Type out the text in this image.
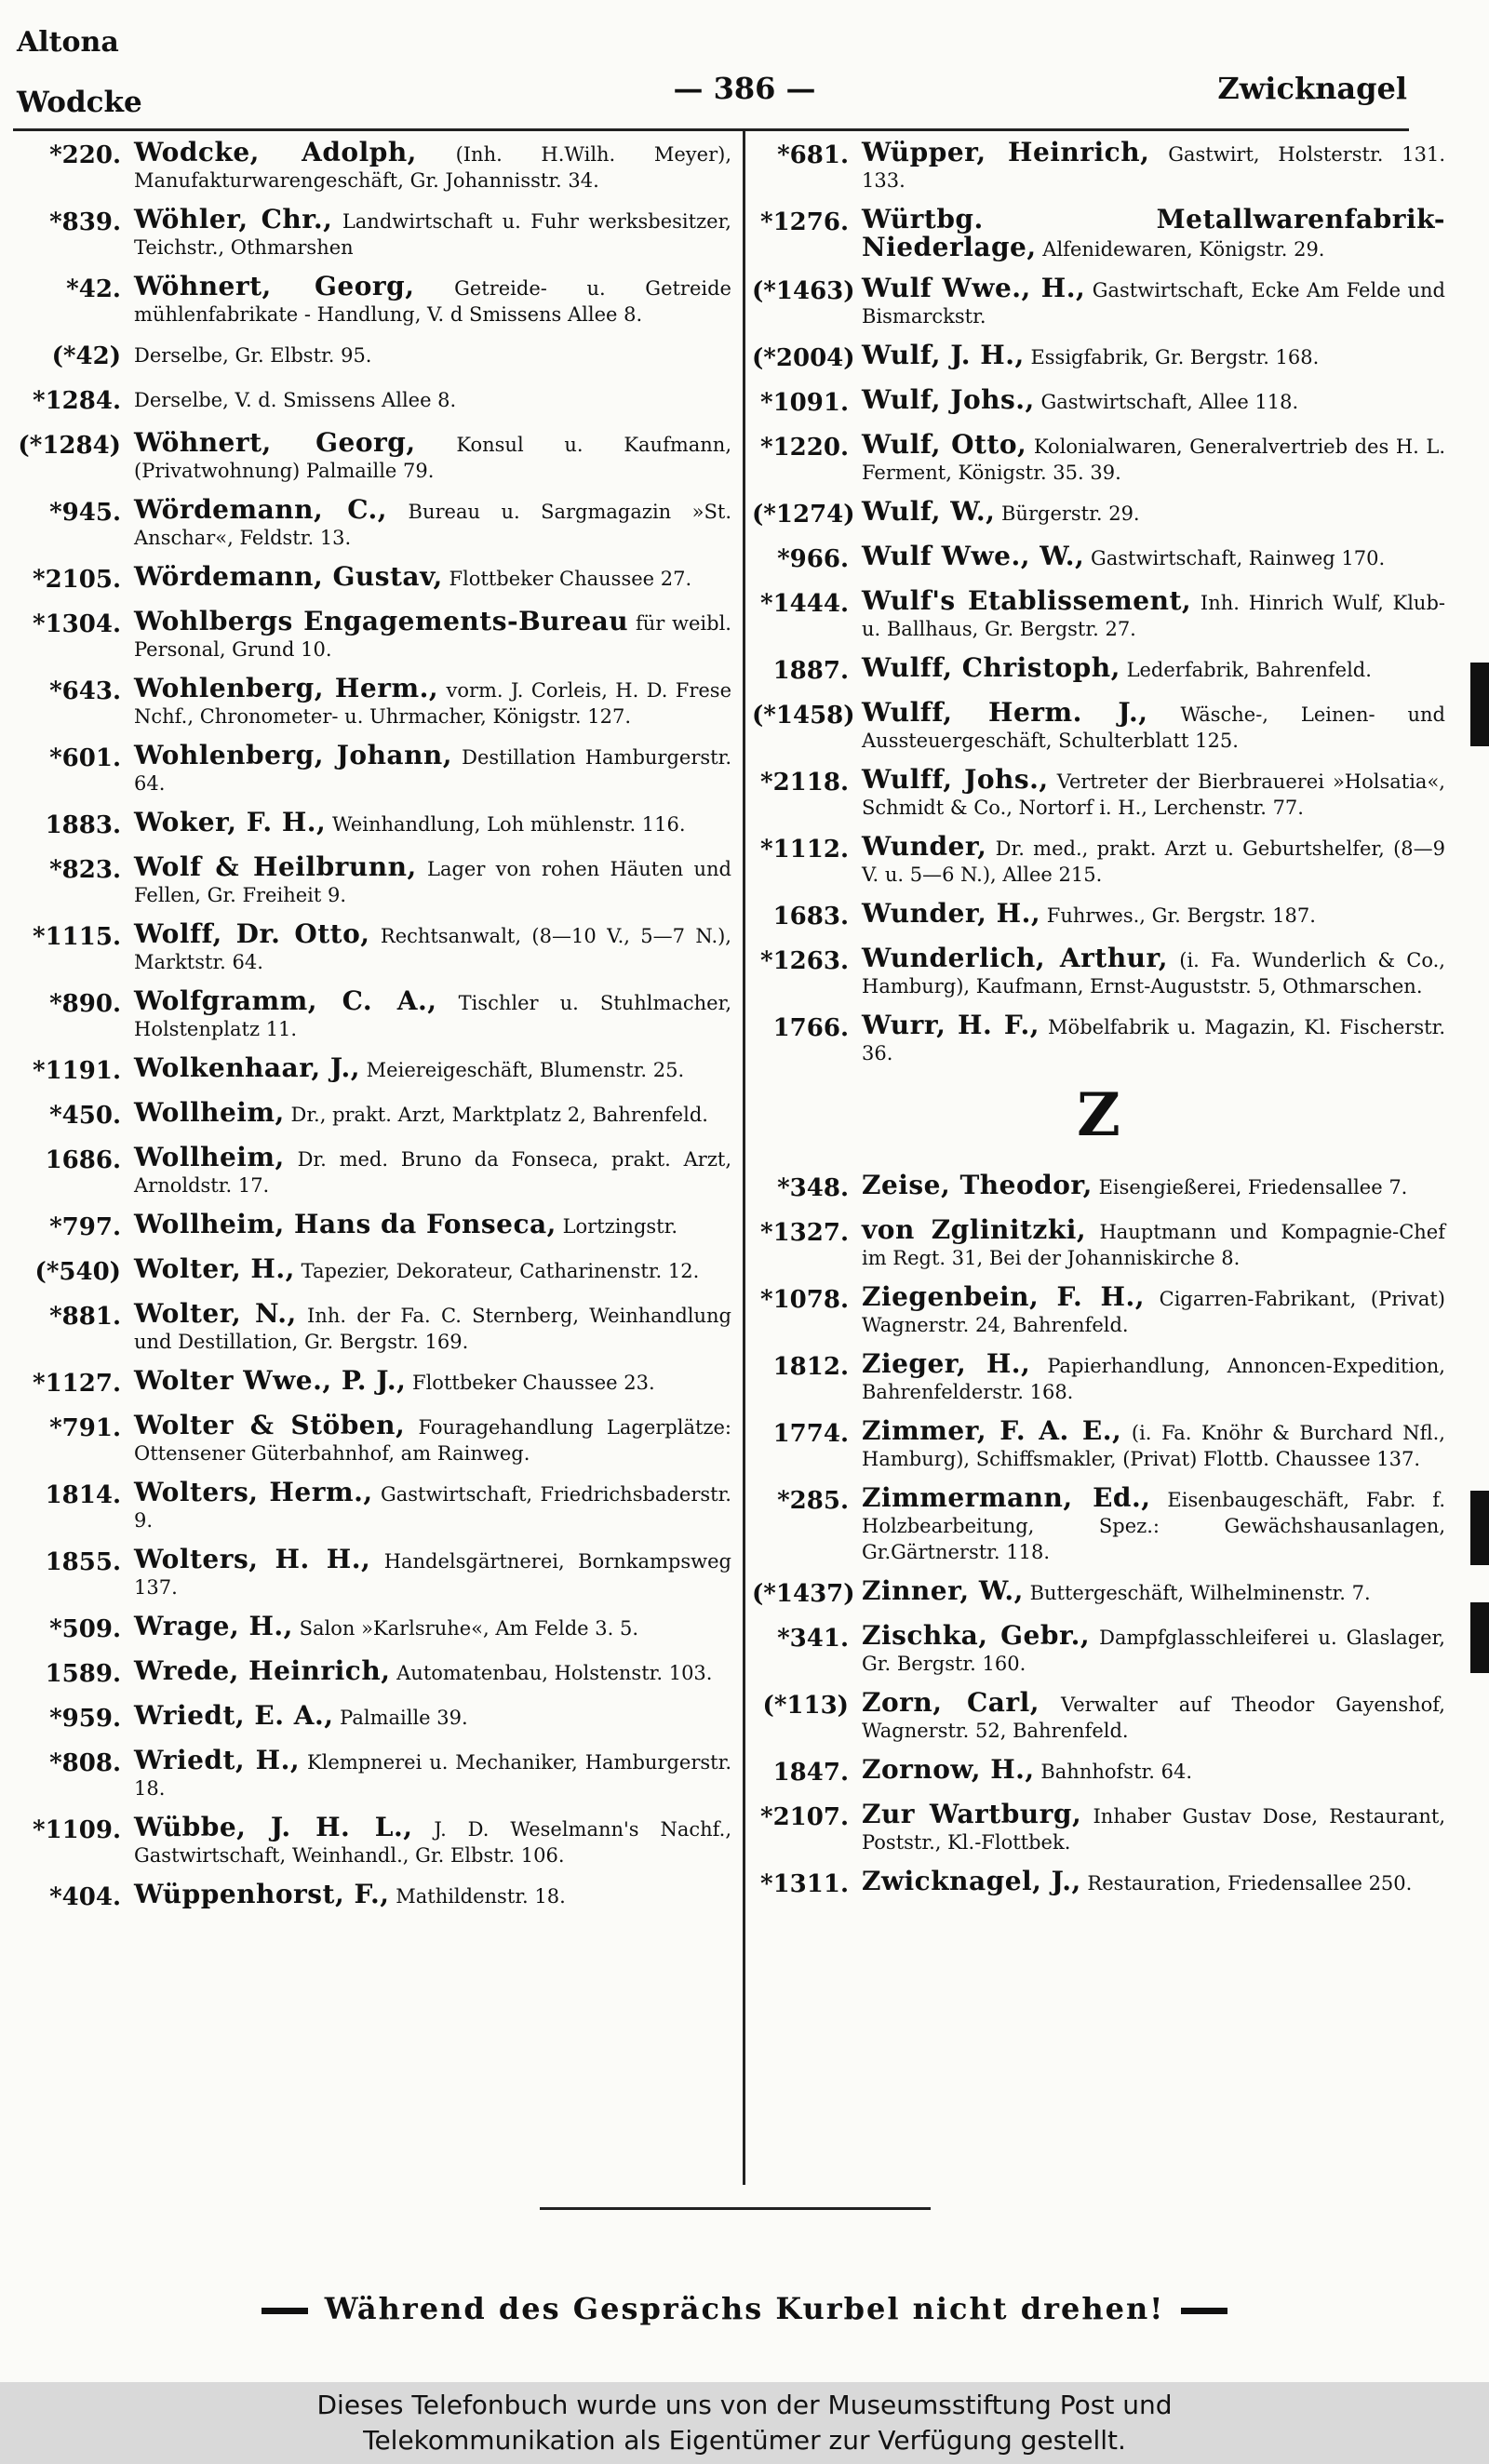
Altona
Wodcke	— 386 —	Zwicknagel
*220. Wodcke, Adolph, (Inh. H.Wilh. Meyer), Manufakturwarengeschäft, Gr. Johannisstr. 34.
*839. Wöhler, Chr., Landwirtschaft u. Fuhr werksbesitzer, Teichstr., Othmarshen
*42. Wöhnert, Georg, Getreide- u. Getreide mühlenfabrikate - Handlung, V. d Smissens Allee 8.
(*42) Derselbe, Gr. Elbstr. 95.
*1284. Derselbe, V. d. Smissens Allee 8.
(*1284) Wöhnert, Georg, Konsul u. Kaufmann, (Privatwohnung) Palmaille 79.
*945. Wördemann, C., Bureau u. Sargmagazin »St. Anschar«, Feldstr. 13.
*2105. Wördemann, Gustav, Flottbeker Chaussee 27.
*1304. Wohlbergs Engagements-Bureau für weibl. Personal, Grund 10.
*643. Wohlenberg, Herm., vorm. J. Corleis, H. D. Frese Nchf., Chronometer- u. Uhrmacher, Königstr. 127.
*601. Wohlenberg, Johann, Destillation Hamburgerstr. 64.
1883. Woker, F. H., Weinhandlung, Loh mühlenstr. 116.
*823. Wolf & Heilbrunn, Lager von rohen Häuten und Fellen, Gr. Freiheit 9.
*1115. Wolff, Dr. Otto, Rechtsanwalt, (8—10 V., 5—7 N.), Marktstr. 64.
*890. Wolfgramm, C. A., Tischler u. Stuhlmacher, Holstenplatz 11.
*1191. Wolkenhaar, J., Meiereigeschäft, Blumenstr. 25.
*450. Wollheim, Dr., prakt. Arzt, Marktplatz 2, Bahrenfeld.
1686. Wollheim, Dr. med. Bruno da Fonseca, prakt. Arzt, Arnoldstr. 17.
*797. Wollheim, Hans da Fonseca, Lortzingstr.
(*540) Wolter, H., Tapezier, Dekorateur, Catharinenstr. 12.
*881. Wolter, N., Inh. der Fa. C. Sternberg, Weinhandlung und Destillation, Gr. Bergstr. 169.
*1127. Wolter Wwe., P. J., Flottbeker Chaussee 23.
*791. Wolter & Stöben, Fouragehandlung Lagerplätze: Ottensener Güterbahnhof, am Rainweg.
1814. Wolters, Herm., Gastwirtschaft, Friedrichsbaderstr. 9.
1855. Wolters, H. H., Handelsgärtnerei, Bornkampsweg 137.
*509. Wrage, H., Salon »Karlsruhe«, Am Felde 3. 5.
1589. Wrede, Heinrich, Automatenbau, Holstenstr. 103.
*959. Wriedt, E. A., Palmaille 39.
*808. Wriedt, H., Klempnerei u. Mechaniker, Hamburgerstr. 18.
*1109. Wübbe, J. H. L., J. D. Weselmann's Nachf., Gastwirtschaft, Weinhandl., Gr. Elbstr. 106.
*404. Wüppenhorst, F., Mathildenstr. 18.
*681. Wüpper, Heinrich, Gastwirt, Holsterstr. 131. 133.
*1276. Würtbg. Metallwarenfabrik-Niederlage, Alfenidewaren, Königstr. 29.
(*1463) Wulf Wwe., H., Gastwirtschaft, Ecke Am Felde und Bismarckstr.
(*2004) Wulf, J. H., Essigfabrik, Gr. Bergstr. 168.
*1091. Wulf, Johs., Gastwirtschaft, Allee 118.
*1220. Wulf, Otto, Kolonialwaren, Generalvertrieb des H. L. Ferment, Königstr. 35. 39.
(*1274) Wulf, W., Bürgerstr. 29.
*966. Wulf Wwe., W., Gastwirtschaft, Rainweg 170.
*1444. Wulf's Etablissement, Inh. Hinrich Wulf, Klub- u. Ballhaus, Gr. Bergstr. 27.
1887. Wulff, Christoph, Lederfabrik, Bahrenfeld.
(*1458) Wulff, Herm. J., Wäsche-, Leinen- und Aussteuergeschäft, Schulterblatt 125.
*2118. Wulff, Johs., Vertreter der Bierbrauerei »Holsatia«, Schmidt & Co., Nortorf i. H., Lerchenstr. 77.
*1112. Wunder, Dr. med., prakt. Arzt u. Geburtshelfer, (8—9 V. u. 5—6 N.), Allee 215.
1683. Wunder, H., Fuhrwes., Gr. Bergstr. 187.
*1263. Wunderlich, Arthur, (i. Fa. Wunderlich & Co., Hamburg), Kaufmann, Ernst-Auguststr. 5, Othmarschen.
1766. Wurr, H. F., Möbelfabrik u. Magazin, Kl. Fischerstr. 36.
Z
*348. Zeise, Theodor, Eisengießerei, Friedensallee 7.
*1327. von Zglinitzki, Hauptmann und Kompagnie-Chef im Regt. 31, Bei der Johanniskirche 8.
*1078. Ziegenbein, F. H., Cigarren-Fabrikant, (Privat) Wagnerstr. 24, Bahrenfeld.
1812. Zieger, H., Papierhandlung, Annoncen-Expedition, Bahrenfelderstr. 168.
1774. Zimmer, F. A. E., (i. Fa. Knöhr & Burchard Nfl., Hamburg), Schiffsmakler, (Privat) Flottb. Chaussee 137.
*285. Zimmermann, Ed., Eisenbaugeschäft, Fabr. f. Holzbearbeitung, Spez.: Gewächshausanlagen, Gr.Gärtnerstr. 118.
(*1437) Zinner, W., Buttergeschäft, Wilhelminenstr. 7.
*341. Zischka, Gebr., Dampfglasschleiferei u. Glaslager, Gr. Bergstr. 160.
(*113) Zorn, Carl, Verwalter auf Theodor Gayenshof, Wagnerstr. 52, Bahrenfeld.
1847. Zornow, H., Bahnhofstr. 64.
*2107. Zur Wartburg, Inhaber Gustav Dose, Restaurant, Poststr., Kl.-Flottbek.
*1311. Zwicknagel, J., Restauration, Friedensallee 250.
Während des Gesprächs Kurbel nicht drehen!
Dieses Telefonbuch wurde uns von der Museumsstiftung Post und
Telekommunikation als Eigentümer zur Verfügung gestellt.
